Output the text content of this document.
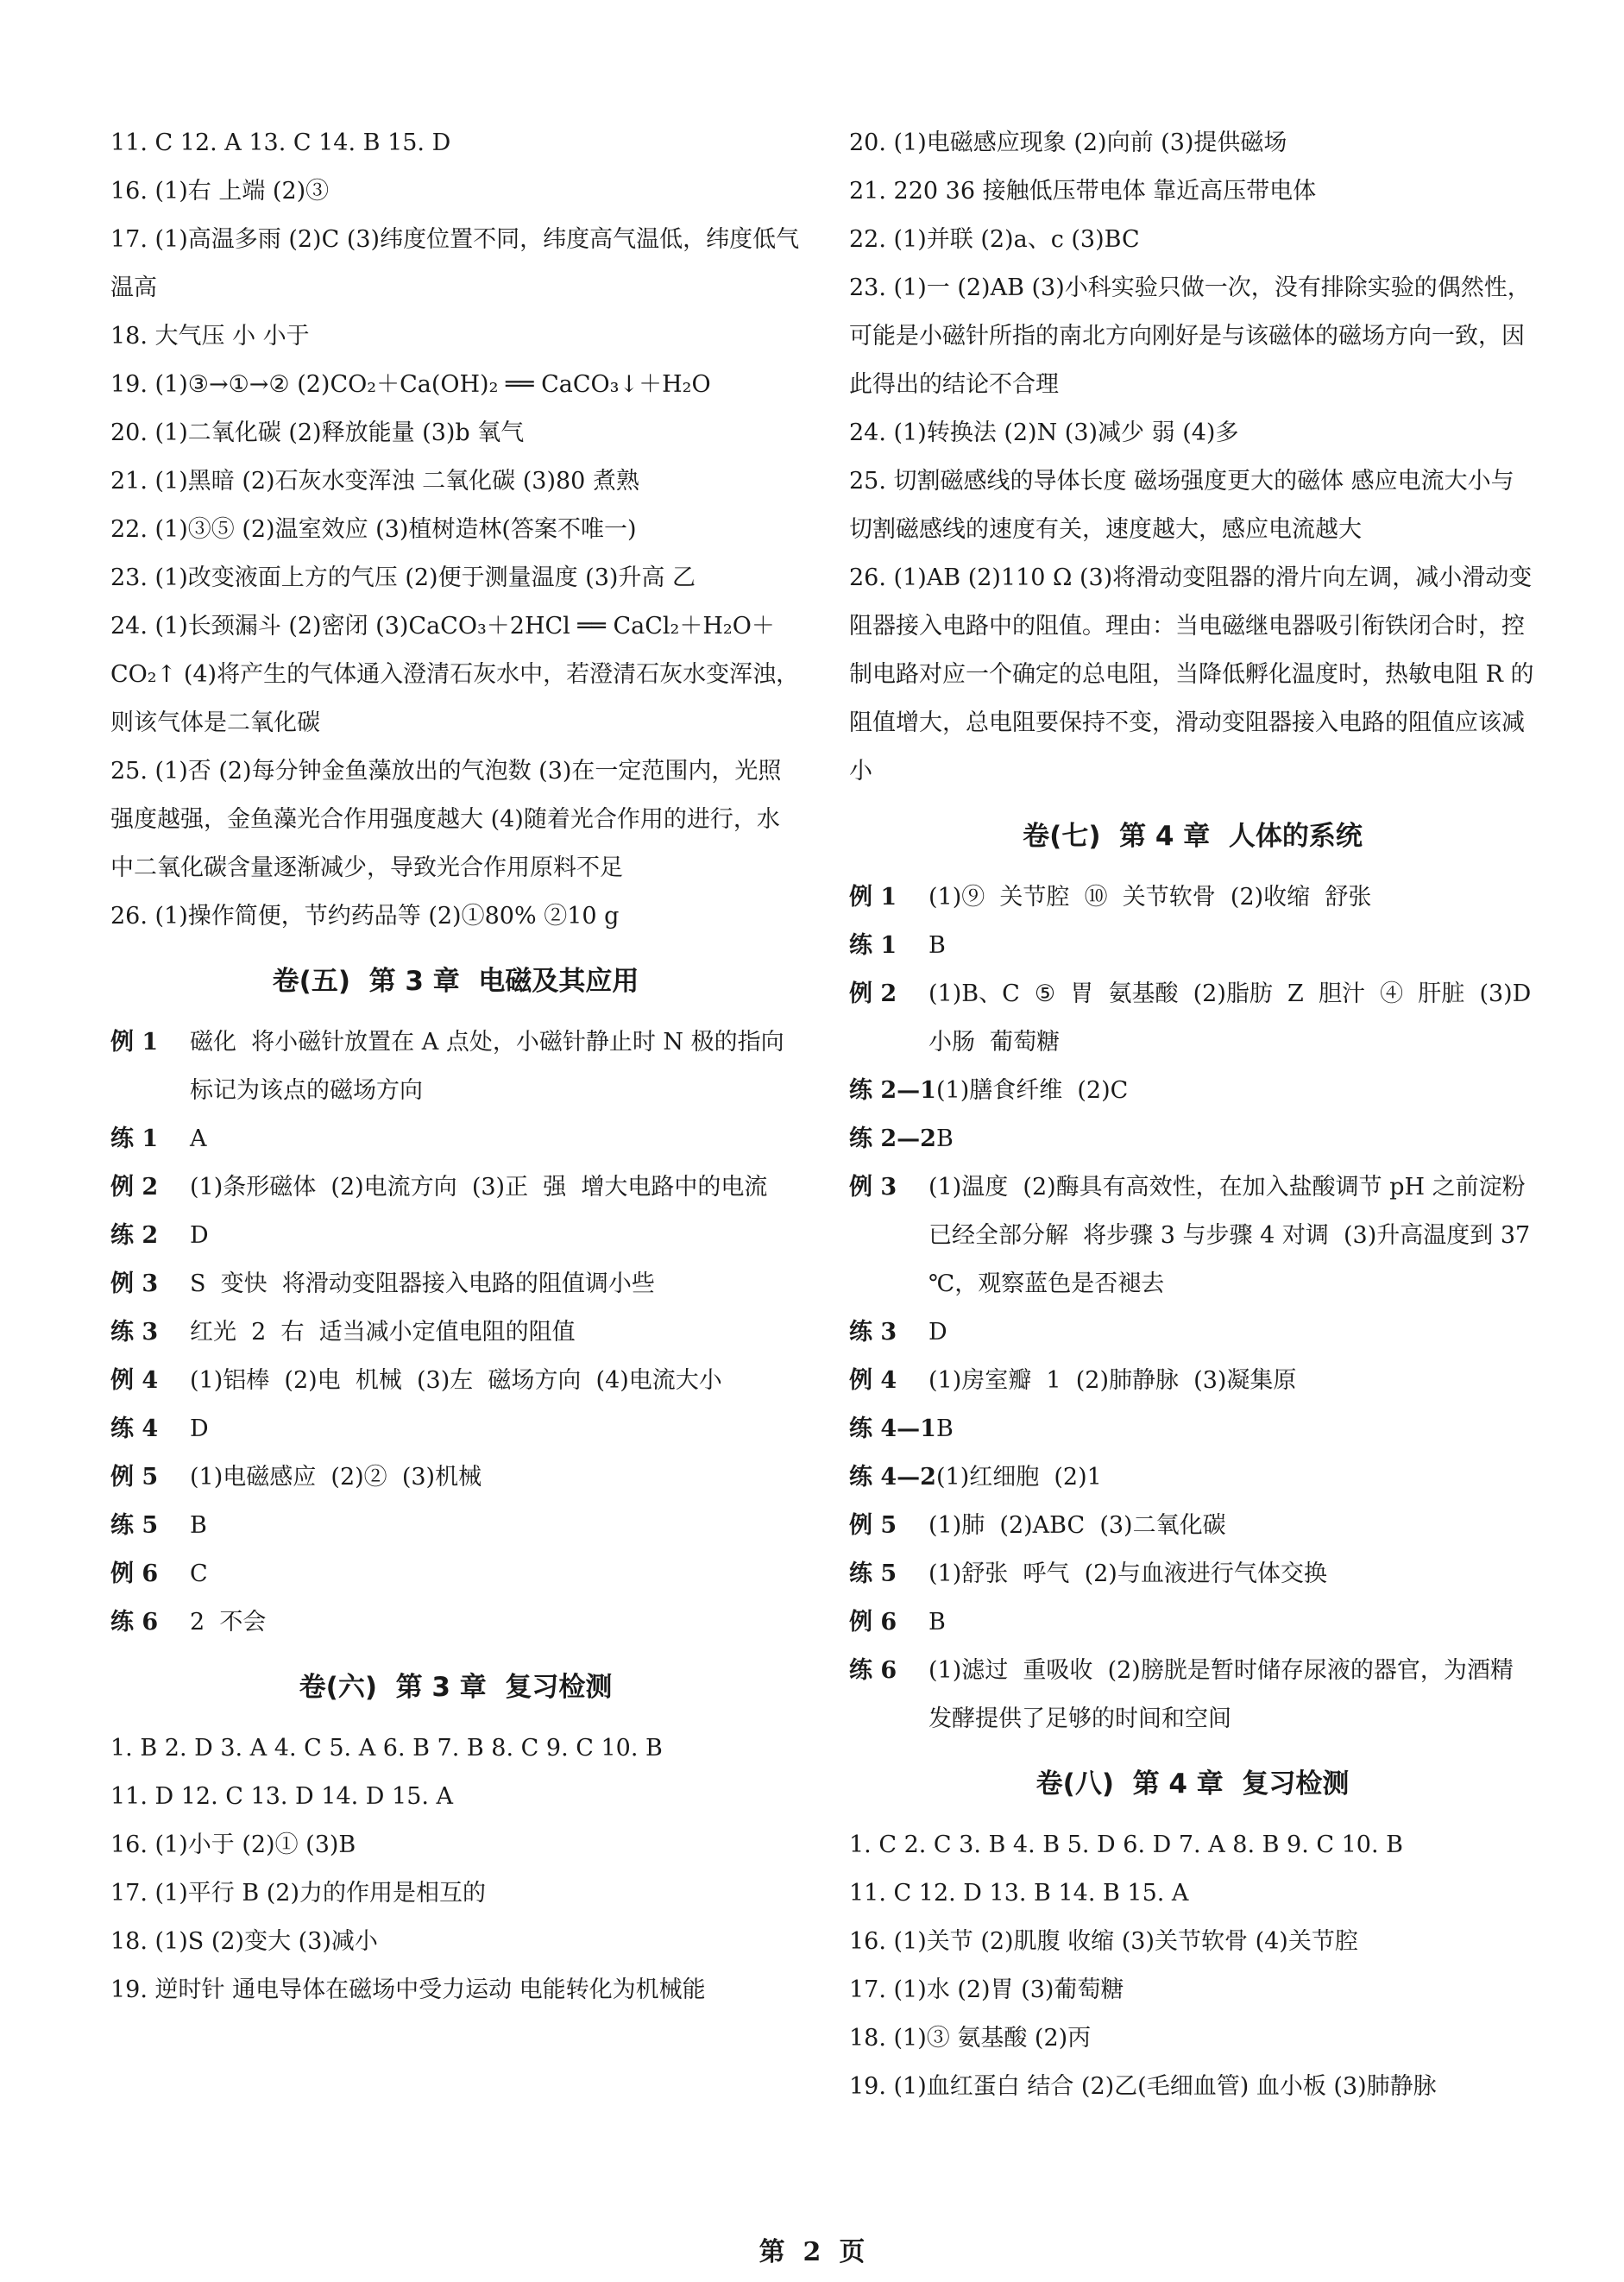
11. C 12. A 13. C 14. B 15. D
16. (1)右 上端 (2)③
17. (1)高温多雨 (2)C (3)纬度位置不同，纬度高气温低，纬度低气温高
18. 大气压 小 小于
19. (1)③→①→② (2)CO₂＋Ca(OH)₂ ══ CaCO₃↓＋H₂O
20. (1)二氧化碳 (2)释放能量 (3)b 氧气
21. (1)黑暗 (2)石灰水变浑浊 二氧化碳 (3)80 煮熟
22. (1)③⑤ (2)温室效应 (3)植树造林(答案不唯一)
23. (1)改变液面上方的气压 (2)便于测量温度 (3)升高 乙
24. (1)长颈漏斗 (2)密闭 (3)CaCO₃＋2HCl ══ CaCl₂＋H₂O＋CO₂↑ (4)将产生的气体通入澄清石灰水中，若澄清石灰水变浑浊，则该气体是二氧化碳
25. (1)否 (2)每分钟金鱼藻放出的气泡数 (3)在一定范围内，光照强度越强，金鱼藻光合作用强度越大 (4)随着光合作用的进行，水中二氧化碳含量逐渐减少，导致光合作用原料不足
26. (1)操作简便，节约药品等 (2)①80% ②10 g
卷(五)  第 3 章  电磁及其应用
例 1	磁化  将小磁针放置在 A 点处，小磁针静止时 N 极的指向标记为该点的磁场方向
练 1	A
例 2	(1)条形磁体  (2)电流方向  (3)正  强  增大电路中的电流
练 2	D
例 3	S  变快  将滑动变阻器接入电路的阻值调小些
练 3	红光  2  右  适当减小定值电阻的阻值
例 4	(1)铝棒  (2)电  机械  (3)左  磁场方向  (4)电流大小
练 4	D
例 5	(1)电磁感应  (2)②  (3)机械
练 5	B
例 6	C
练 6	2  不会
卷(六)  第 3 章  复习检测
1. B 2. D 3. A 4. C 5. A 6. B 7. B 8. C 9. C 10. B
11. D 12. C 13. D 14. D 15. A
16. (1)小于 (2)① (3)B
17. (1)平行 B (2)力的作用是相互的
18. (1)S (2)变大 (3)减小
19. 逆时针 通电导体在磁场中受力运动 电能转化为机械能
20. (1)电磁感应现象 (2)向前 (3)提供磁场
21. 220 36 接触低压带电体 靠近高压带电体
22. (1)并联 (2)a、c (3)BC
23. (1)一 (2)AB (3)小科实验只做一次，没有排除实验的偶然性，可能是小磁针所指的南北方向刚好是与该磁体的磁场方向一致，因此得出的结论不合理
24. (1)转换法 (2)N (3)减少 弱 (4)多
25. 切割磁感线的导体长度 磁场强度更大的磁体 感应电流大小与切割磁感线的速度有关，速度越大，感应电流越大
26. (1)AB (2)110 Ω (3)将滑动变阻器的滑片向左调，减小滑动变阻器接入电路中的阻值。理由：当电磁继电器吸引衔铁闭合时，控制电路对应一个确定的总电阻，当降低孵化温度时，热敏电阻 R 的阻值增大，总电阻要保持不变，滑动变阻器接入电路的阻值应该减小
卷(七)  第 4 章  人体的系统
例 1	(1)⑨  关节腔  ⑩  关节软骨  (2)收缩  舒张
练 1	B
例 2	(1)B、C  ⑤  胃  氨基酸  (2)脂肪  Z  胆汁  ④  肝脏  (3)D  小肠  葡萄糖
练 2—1 (1)膳食纤维  (2)C
练 2—2 B
例 3	(1)温度  (2)酶具有高效性，在加入盐酸调节 pH 之前淀粉已经全部分解  将步骤 3 与步骤 4 对调  (3)升高温度到 37 ℃，观察蓝色是否褪去
练 3	D
例 4	(1)房室瓣  1  (2)肺静脉  (3)凝集原
练 4—1 B
练 4—2 (1)红细胞  (2)1
例 5	(1)肺  (2)ABC  (3)二氧化碳
练 5	(1)舒张  呼气  (2)与血液进行气体交换
例 6	B
练 6	(1)滤过  重吸收  (2)膀胱是暂时储存尿液的器官，为酒精发酵提供了足够的时间和空间
卷(八)  第 4 章  复习检测
1. C 2. C 3. B 4. B 5. D 6. D 7. A 8. B 9. C 10. B
11. C 12. D 13. B 14. B 15. A
16. (1)关节 (2)肌腹 收缩 (3)关节软骨 (4)关节腔
17. (1)水 (2)胃 (3)葡萄糖
18. (1)③ 氨基酸 (2)丙
19. (1)血红蛋白 结合 (2)乙(毛细血管) 血小板 (3)肺静脉
第  2  页
